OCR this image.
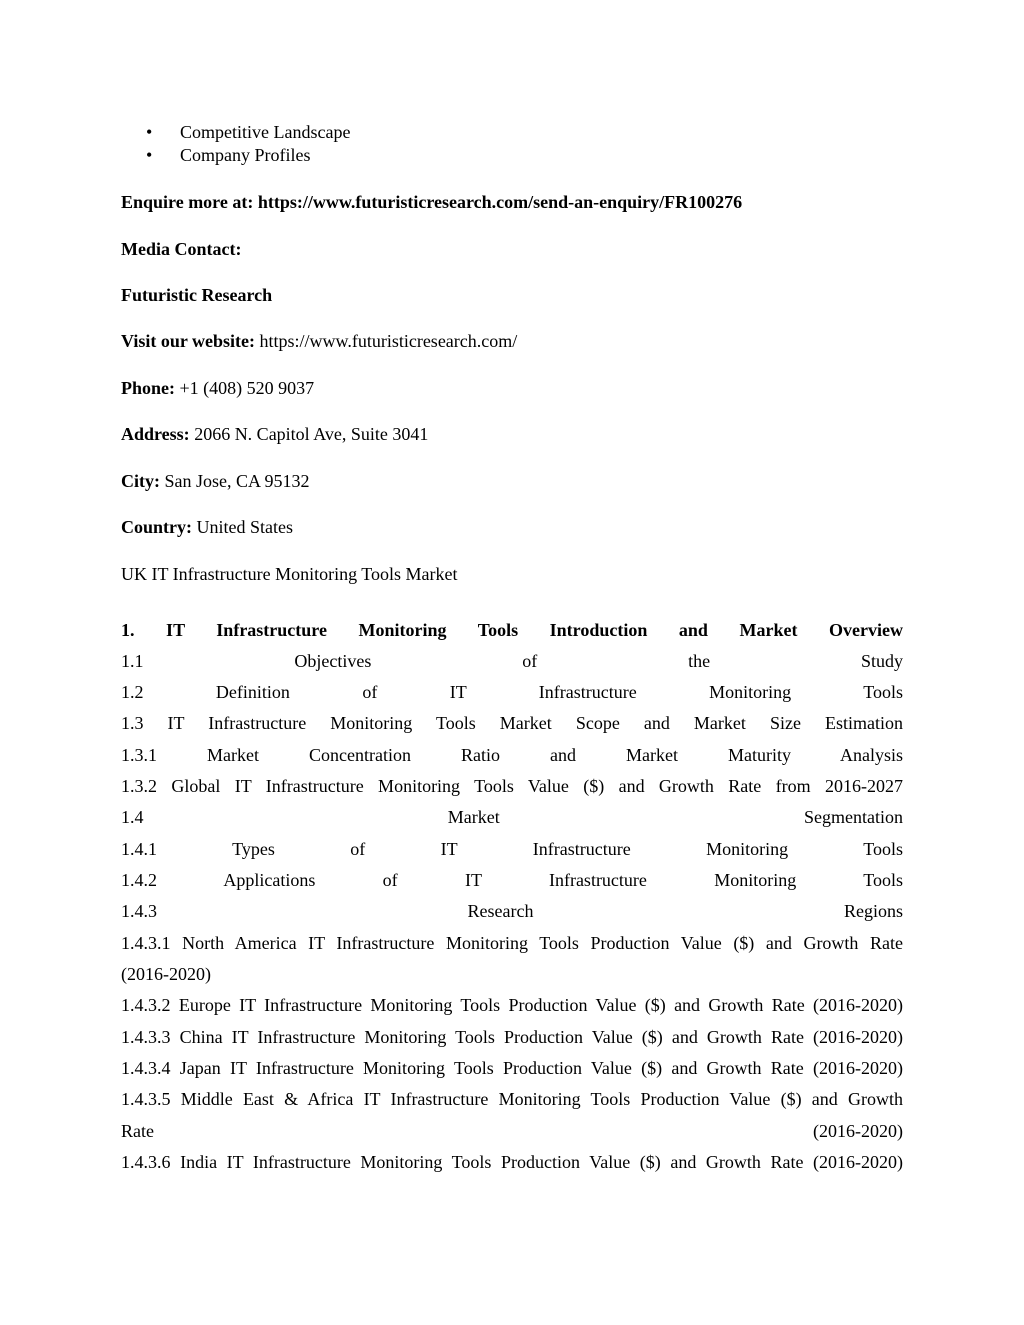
• Competitive Landscape
• Company Profiles
Enquire more at: https://www.futuristicresearch.com/send-an-enquiry/FR100276
Media Contact:
Futuristic Research
Visit our website: https://www.futuristicresearch.com/
Phone: +1 (408) 520 9037
Address: 2066 N. Capitol Ave, Suite 3041
City: San Jose, CA 95132
Country: United States
UK IT Infrastructure Monitoring Tools Market
1. IT Infrastructure Monitoring Tools Introduction and Market Overview
1.1 Objectives of the Study
1.2 Definition of IT Infrastructure Monitoring Tools
1.3 IT Infrastructure Monitoring Tools Market Scope and Market Size Estimation
1.3.1 Market Concentration Ratio and Market Maturity Analysis
1.3.2 Global IT Infrastructure Monitoring Tools Value ($) and Growth Rate from 2016-2027
1.4 Market Segmentation
1.4.1 Types of IT Infrastructure Monitoring Tools
1.4.2 Applications of IT Infrastructure Monitoring Tools
1.4.3 Research Regions
1.4.3.1 North America IT Infrastructure Monitoring Tools Production Value ($) and Growth Rate
(2016-2020)
1.4.3.2 Europe IT Infrastructure Monitoring Tools Production Value ($) and Growth Rate (2016-2020)
1.4.3.3 China IT Infrastructure Monitoring Tools Production Value ($) and Growth Rate (2016-2020)
1.4.3.4 Japan IT Infrastructure Monitoring Tools Production Value ($) and Growth Rate (2016-2020)
1.4.3.5 Middle East & Africa IT Infrastructure Monitoring Tools Production Value ($) and Growth
Rate (2016-2020)
1.4.3.6 India IT Infrastructure Monitoring Tools Production Value ($) and Growth Rate (2016-2020)
